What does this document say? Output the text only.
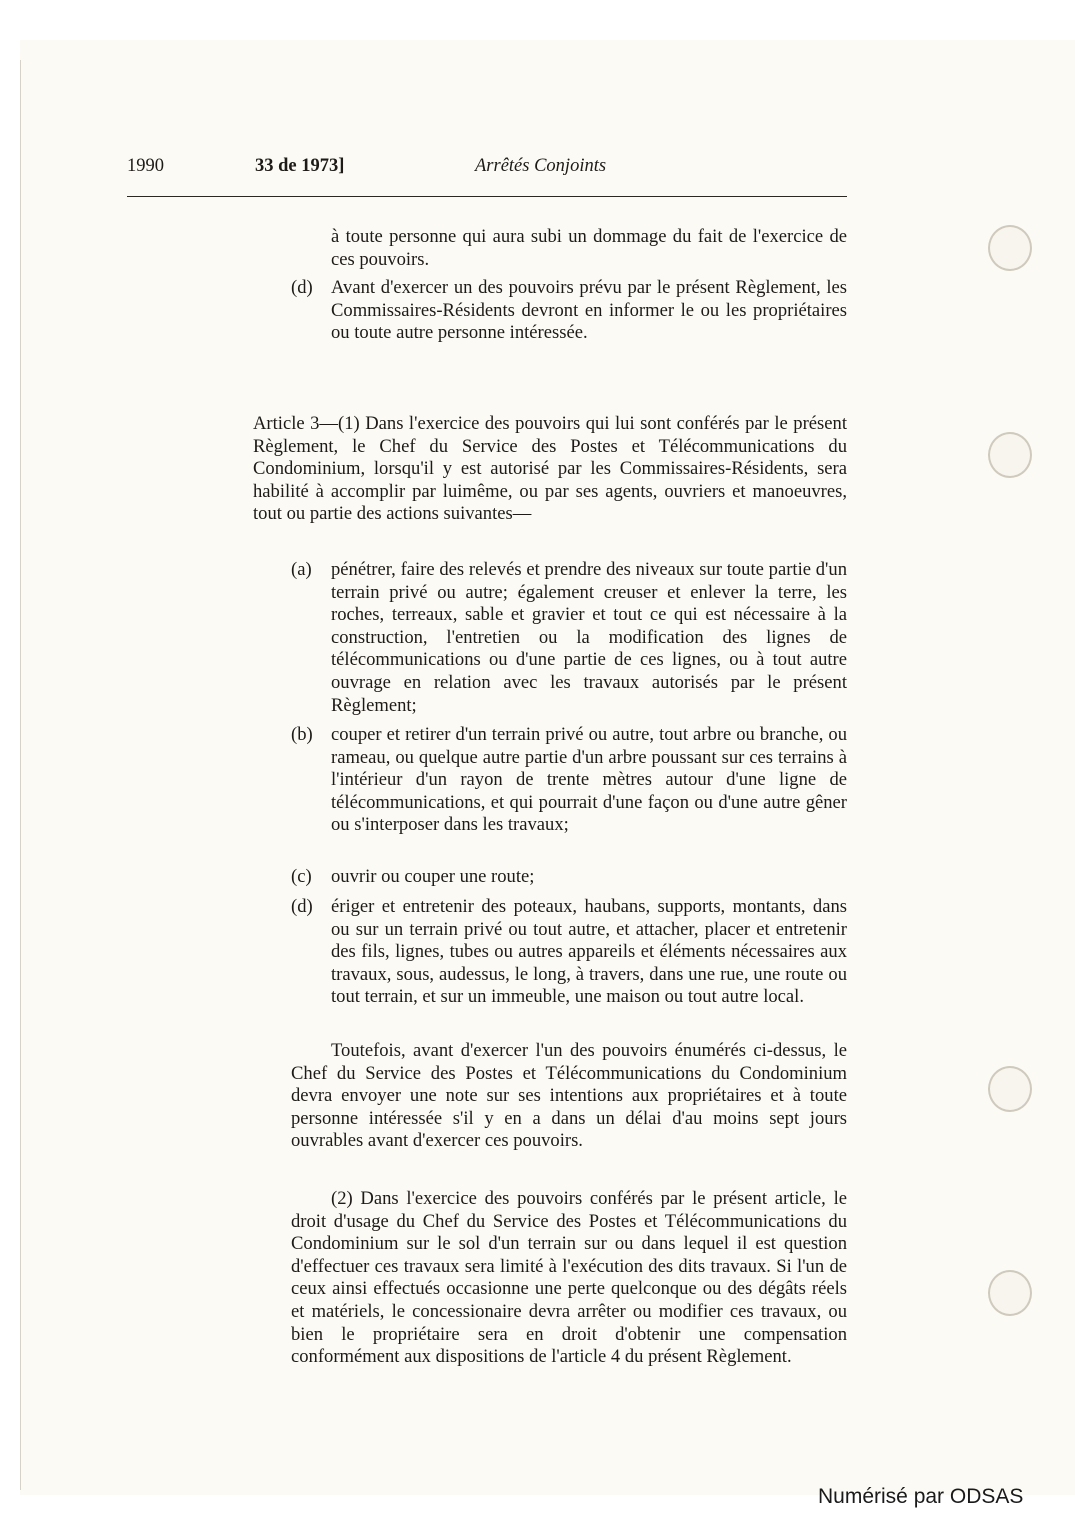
1990	33 de 1973]	Arrêtés Conjoints

à toute personne qui aura subi un dommage du fait de l'exercice de ces pouvoirs.

(d) Avant d'exercer un des pouvoirs prévu par le présent Règlement, les Commissaires-Résidents devront en informer le ou les propriétaires ou toute autre personne intéressée.

Article 3—(1) Dans l'exercice des pouvoirs qui lui sont conférés par le présent Règlement, le Chef du Service des Postes et Télécommunications du Condominium, lorsqu'il y est autorisé par les Commissaires-Résidents, sera habilité à accomplir par luimême, ou par ses agents, ouvriers et manoeuvres, tout ou partie des actions suivantes—

(a) pénétrer, faire des relevés et prendre des niveaux sur toute partie d'un terrain privé ou autre; également creuser et enlever la terre, les roches, terreaux, sable et gravier et tout ce qui est nécessaire à la construction, l'entretien ou la modification des lignes de télécommunications ou d'une partie de ces lignes, ou à tout autre ouvrage en relation avec les travaux autorisés par le présent Règlement;

(b) couper et retirer d'un terrain privé ou autre, tout arbre ou branche, ou rameau, ou quelque autre partie d'un arbre poussant sur ces terrains à l'intérieur d'un rayon de trente mètres autour d'une ligne de télécommunications, et qui pourrait d'une façon ou d'une autre gêner ou s'interposer dans les travaux;

(c) ouvrir ou couper une route;

(d) ériger et entretenir des poteaux, haubans, supports, montants, dans ou sur un terrain privé ou tout autre, et attacher, placer et entretenir des fils, lignes, tubes ou autres appareils et éléments nécessaires aux travaux, sous, audessus, le long, à travers, dans une rue, une route ou tout terrain, et sur un immeuble, une maison ou tout autre local.

Toutefois, avant d'exercer l'un des pouvoirs énumérés ci-dessus, le Chef du Service des Postes et Télécommunications du Condominium devra envoyer une note sur ses intentions aux propriétaires et à toute personne intéressée s'il y en a dans un délai d'au moins sept jours ouvrables avant d'exercer ces pouvoirs.

(2) Dans l'exercice des pouvoirs conférés par le présent article, le droit d'usage du Chef du Service des Postes et Télécommunications du Condominium sur le sol d'un terrain sur ou dans lequel il est question d'effectuer ces travaux sera limité à l'exécution des dits travaux. Si l'un de ceux ainsi effectués occasionne une perte quelconque ou des dégâts réels et matériels, le concessionaire devra arrêter ou modifier ces travaux, ou bien le propriétaire sera en droit d'obtenir une compensation conformément aux dispositions de l'article 4 du présent Règlement.

Numérisé par ODSAS
